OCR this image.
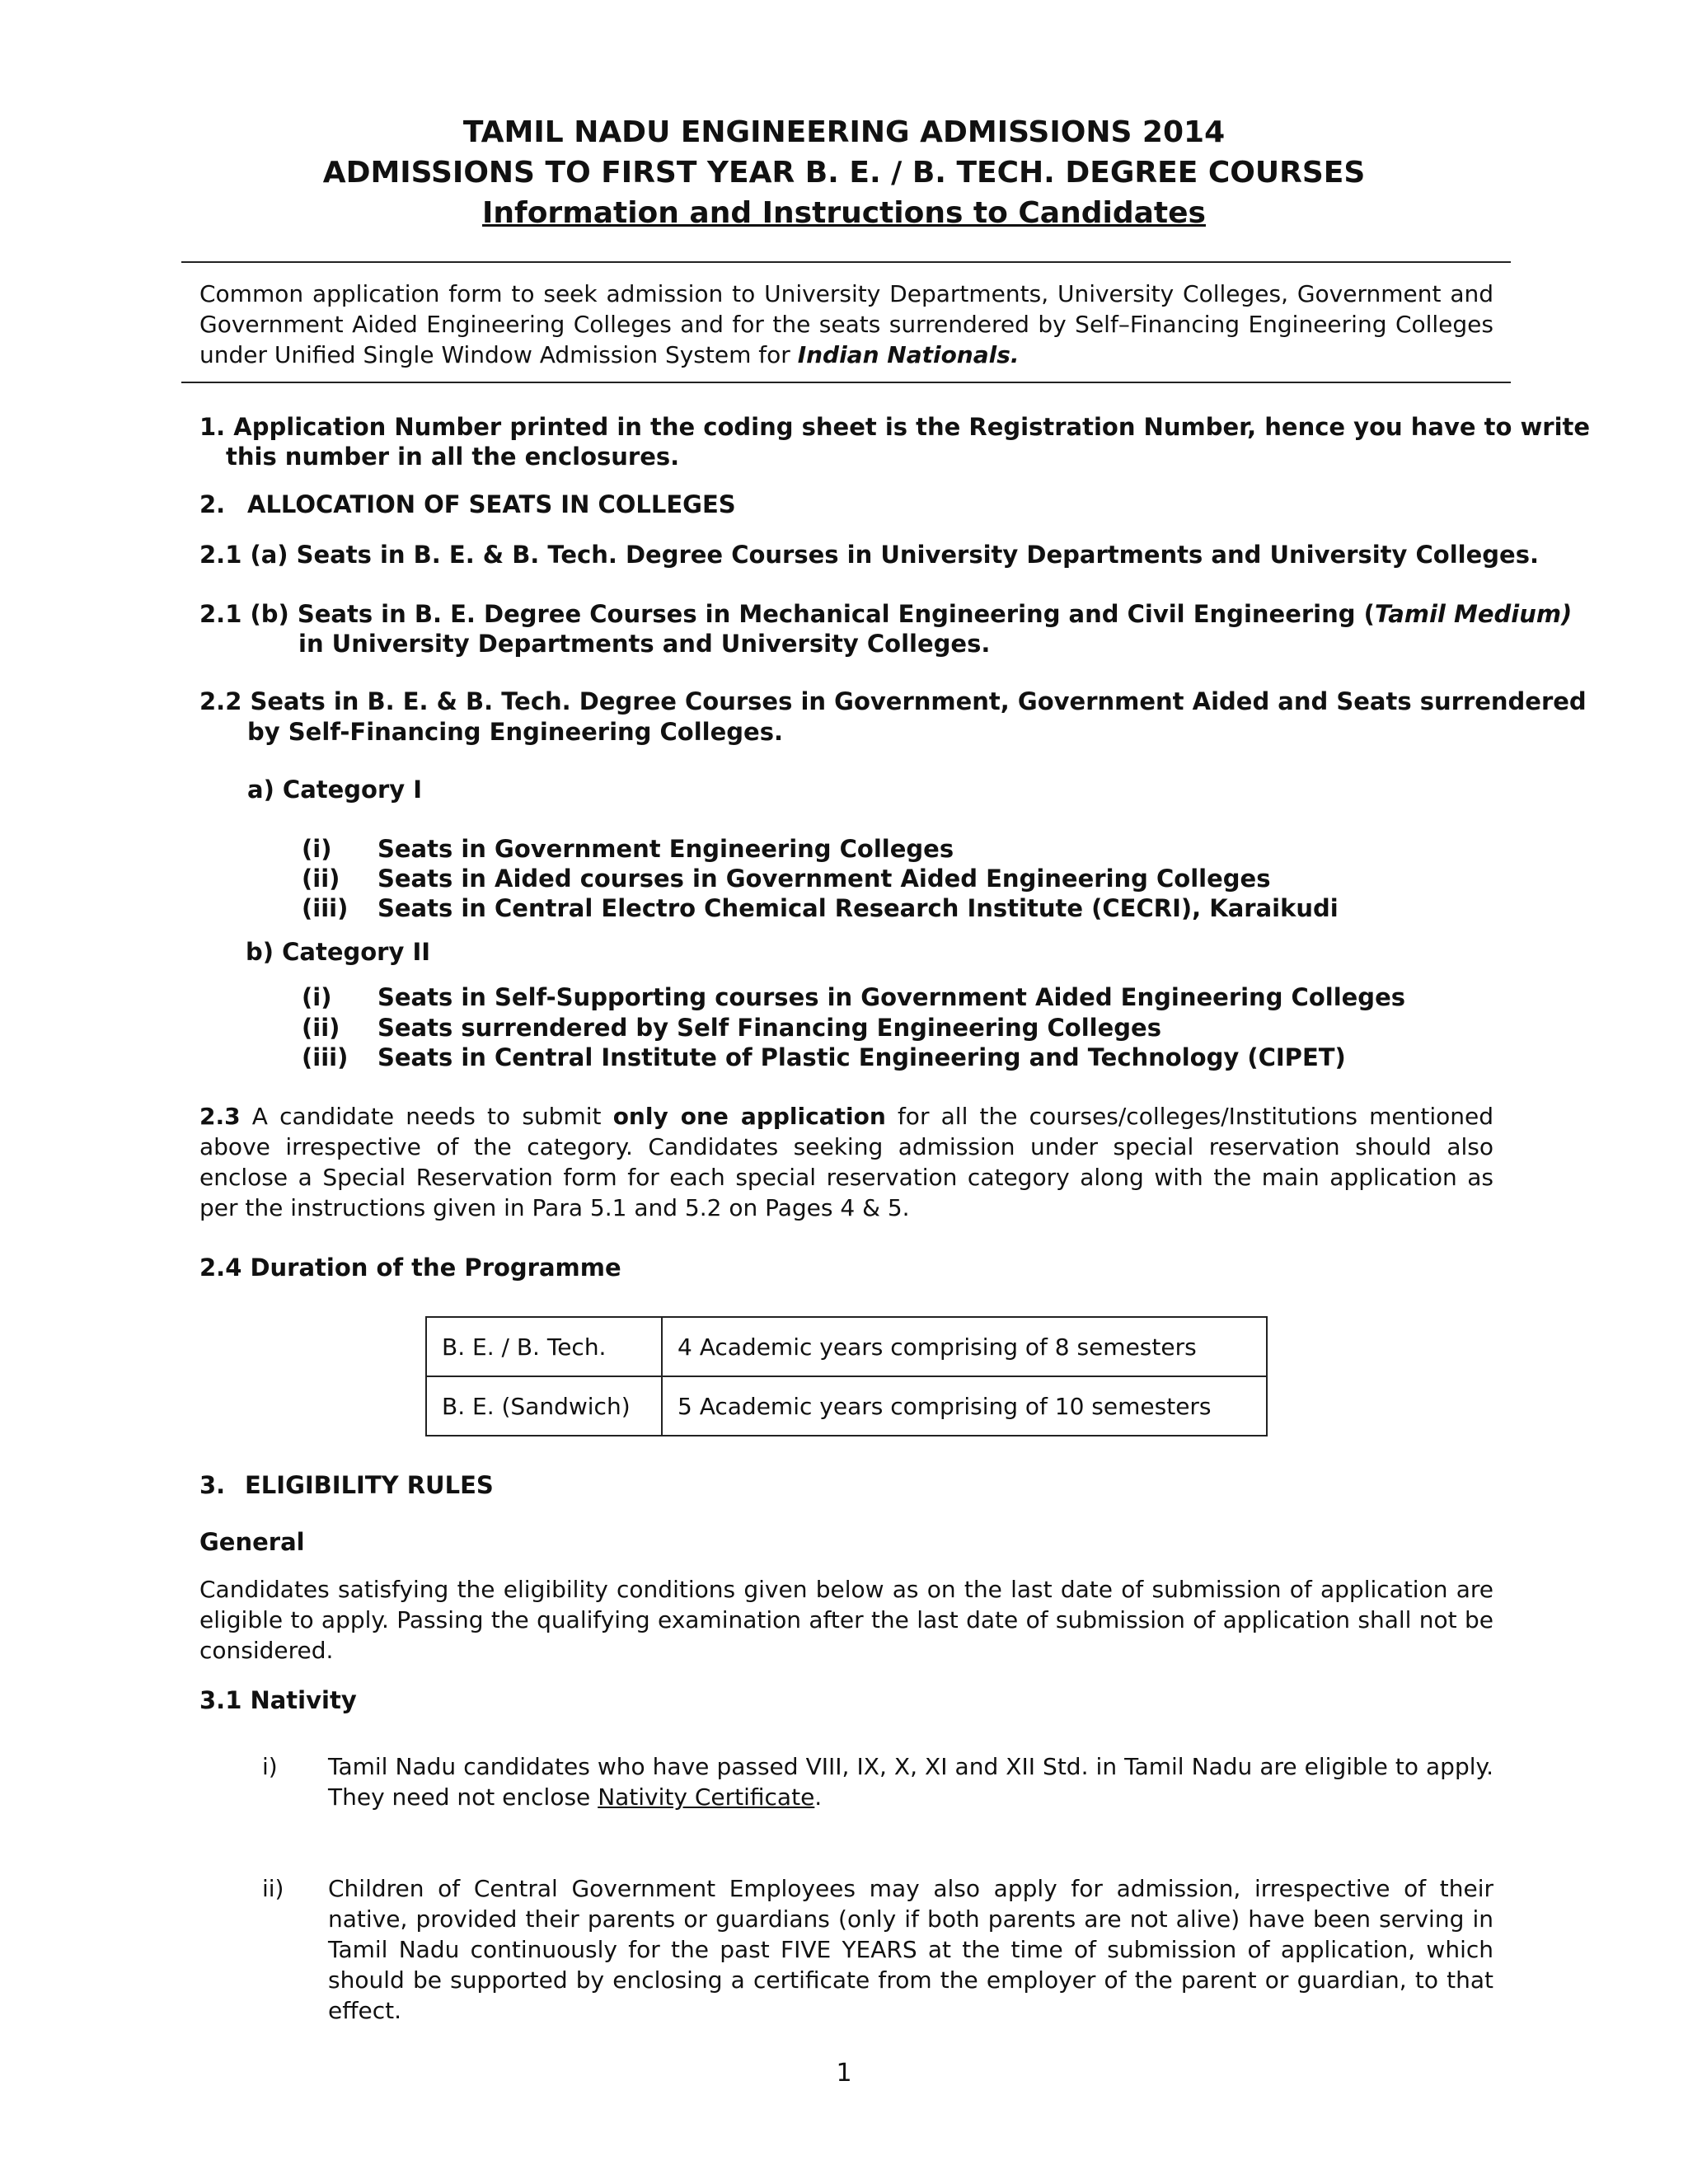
TAMIL NADU ENGINEERING ADMISSIONS 2014
ADMISSIONS TO FIRST YEAR B. E. / B. TECH. DEGREE COURSES
Information and Instructions to Candidates
Common application form to seek admission to University Departments, University Colleges, Government and Government Aided Engineering Colleges and for the seats surrendered by Self–Financing Engineering Colleges under Unified Single Window Admission System for Indian Nationals.
1. Application Number printed in the coding sheet is the Registration Number, hence you have to write
this number in all the enclosures.
2. ALLOCATION OF SEATS IN COLLEGES
2.1 (a) Seats in B. E. & B. Tech. Degree Courses in University Departments and University Colleges.
2.1 (b) Seats in B. E. Degree Courses in Mechanical Engineering and Civil Engineering (Tamil Medium)
in University Departments and University Colleges.
2.2 Seats in B. E. & B. Tech. Degree Courses in Government, Government Aided and Seats surrendered
by Self-Financing Engineering Colleges.
a) Category I
(i) Seats in Government Engineering Colleges
(ii) Seats in Aided courses in Government Aided Engineering Colleges
(iii) Seats in Central Electro Chemical Research Institute (CECRI), Karaikudi
b) Category II
(i) Seats in Self-Supporting courses in Government Aided Engineering Colleges
(ii) Seats surrendered by Self Financing Engineering Colleges
(iii) Seats in Central Institute of Plastic Engineering and Technology (CIPET)
2.3 A candidate needs to submit only one application for all the courses/colleges/Institutions mentioned above irrespective of the category. Candidates seeking admission under special reservation should also enclose a Special Reservation form for each special reservation category along with the main application as per the instructions given in Para 5.1 and 5.2 on Pages 4 & 5.
2.4 Duration of the Programme
B. E. / B. Tech.	4 Academic years comprising of 8 semesters
B. E. (Sandwich)	5 Academic years comprising of 10 semesters
3. ELIGIBILITY RULES
General
Candidates satisfying the eligibility conditions given below as on the last date of submission of application are eligible to apply. Passing the qualifying examination after the last date of submission of application shall not be considered.
3.1 Nativity
i)	Tamil Nadu candidates who have passed VIII, IX, X, XI and XII Std. in Tamil Nadu are eligible to apply. They need not enclose Nativity Certificate.
ii)	Children of Central Government Employees may also apply for admission, irrespective of their native, provided their parents or guardians (only if both parents are not alive) have been serving in Tamil Nadu continuously for the past FIVE YEARS at the time of submission of application, which should be supported by enclosing a certificate from the employer of the parent or guardian, to that effect.
1
